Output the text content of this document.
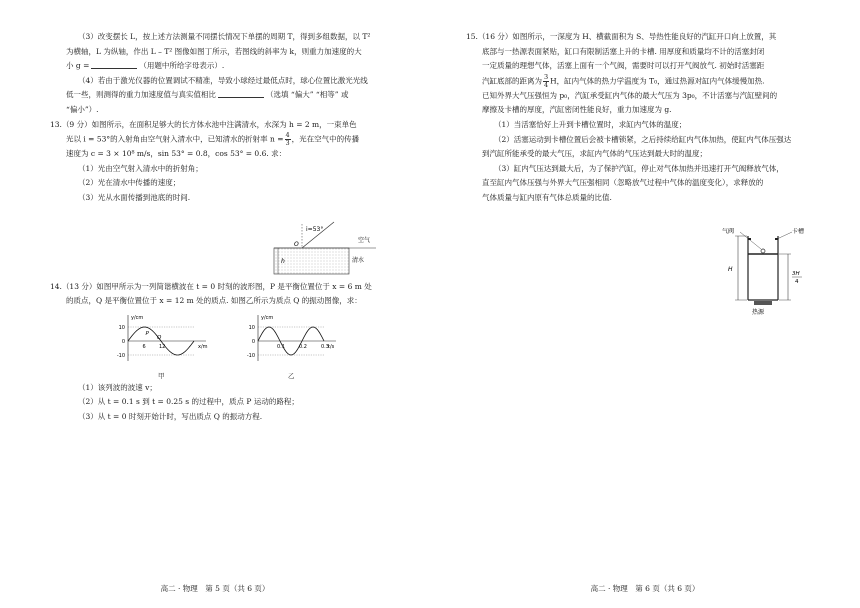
（3）改变摆长 L，按上述方法测量不同摆长情况下单摆的周期 T，得到多组数据，以 T²

为横轴，L 为纵轴，作出 L – T² 图像如图丁所示，若图线的斜率为 k，则重力加速度的大

小 g =	（用题中所给字母表示）.

（4）若由于激光仪器的位置调试不精准，导致小球经过最低点时，球心位置比激光光线

低一些，则测得的重力加速度值与真实值相比	（选填 “偏大” “相等” 或

“偏小”）.

13.（9 分）如图所示，在面积足够大的长方体水池中注满清水，水深为 h = 2 m，一束单色

光以 i = 53°的入射角由空气射入清水中，已知清水的折射率 $n = \frac{4}{3}$ ，光在空气中的传播

速度为 c = 3 × 10⁸ m/s，sin 53° = 0.8，cos 53° = 0.6. 求：

（1）光由空气射入清水中的折射角；

（2）光在清水中传播的速度；

（3）光从水面传播到池底的时间.

i=53°
O
空气
清水
h

14.（13 分）如图甲所示为一列简谐横波在 t = 0 时刻的波形图，P 是平衡位置位于 x = 6 m 处

的质点，Q 是平衡位置位于 x = 12 m 处的质点. 如图乙所示为质点 Q 的振动图像，求：

y/cm
x/m
10
0
-10
6	12
P
Q
y/cm
t/s
10
0
-10
0.1	0.2	0.3
甲	乙

（1）该列波的波速 v；

（2）从 t = 0.1 s 到 t = 0.25 s 的过程中，质点 P 运动的路程；

（3）从 t = 0 时刻开始计时，写出质点 Q 的振动方程.

高二 · 物理　第 5 页（共 6 页）

15.（16 分）如图所示，一深度为 H、横截面积为 S、导热性能良好的汽缸开口向上放置，其

底部与一热源表面紧贴，缸口有限制活塞上升的卡槽. 用厚度和质量均不计的活塞封闭

一定质量的理想气体，活塞上面有一个气阀，需要时可以打开气阀放气. 初始时活塞距

汽缸底部的距离为 $\frac{3}{4}$ H，缸内气体的热力学温度为 T₀，通过热源对缸内气体缓慢加热.

已知外界大气压强恒为 p₀，汽缸承受缸内气体的最大气压为 3p₀，不计活塞与汽缸壁间的

摩擦及卡槽的厚度，汽缸密闭性能良好，重力加速度为 g.

（1）当活塞恰好上升到卡槽位置时，求缸内气体的温度；

（2）活塞运动到卡槽位置后会被卡槽锁紧，之后持续给缸内气体加热，使缸内气体压强达

到汽缸所能承受的最大气压，求缸内气体的气压达到最大时的温度；

（3）缸内气压达到最大后，为了保护汽缸，停止对气体加热并迅速打开气阀释放气体，

直至缸内气体压强与外界大气压强相同（忽略放气过程中气体的温度变化），求释放的

气体质量与缸内原有气体总质量的比值.

气阀	卡槽
H
3H
4
热源
高二 · 物理　第 6 页（共 6 页）
